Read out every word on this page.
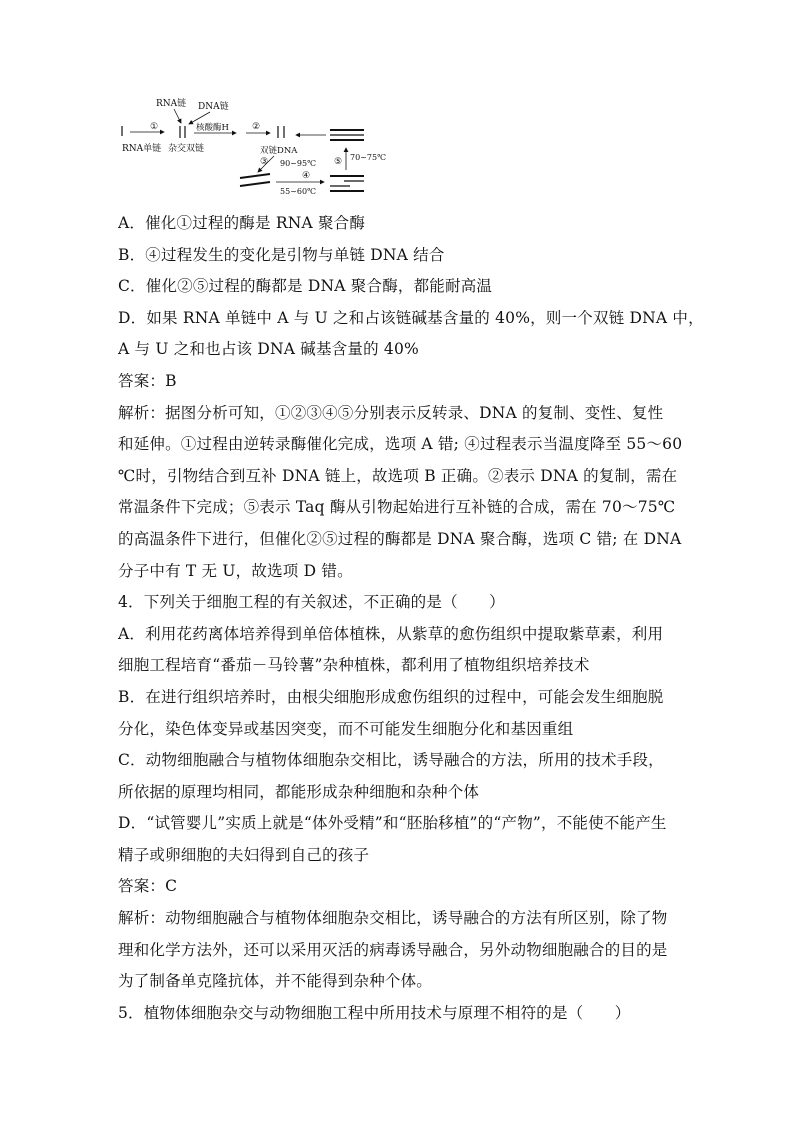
RNA链 DNA链
①
RNA单链 杂交双链
核酸酶H	②
双链DNA
③ 90~95℃
④
55~60℃
⑤ 70~75℃
A．催化①过程的酶是 RNA 聚合酶
B．④过程发生的变化是引物与单链 DNA 结合
C．催化②⑤过程的酶都是 DNA 聚合酶，都能耐高温
D．如果 RNA 单链中 A 与 U 之和占该链碱基含量的 40%，则一个双链 DNA 中，
A 与 U 之和也占该 DNA 碱基含量的 40%
答案：B
解析：据图分析可知，①②③④⑤分别表示反转录、DNA 的复制、变性、复性
和延伸。①过程由逆转录酶催化完成，选项 A 错; ④过程表示当温度降至 55～60
℃时，引物结合到互补 DNA 链上，故选项 B 正确。②表示 DNA 的复制，需在
常温条件下完成；⑤表示 Taq 酶从引物起始进行互补链的合成，需在 70～75℃
的高温条件下进行，但催化②⑤过程的酶都是 DNA 聚合酶，选项 C 错; 在 DNA
分子中有 T 无 U，故选项 D 错。
4．下列关于细胞工程的有关叙述，不正确的是（　　）
A．利用花药离体培养得到单倍体植株，从紫草的愈伤组织中提取紫草素，利用
细胞工程培育“番茄－马铃薯”杂种植株，都利用了植物组织培养技术
B．在进行组织培养时，由根尖细胞形成愈伤组织的过程中，可能会发生细胞脱
分化，染色体变异或基因突变，而不可能发生细胞分化和基因重组
C．动物细胞融合与植物体细胞杂交相比，诱导融合的方法，所用的技术手段，
所依据的原理均相同，都能形成杂种细胞和杂种个体
D．“试管婴儿”实质上就是“体外受精”和“胚胎移植”的“产物”，不能使不能产生
精子或卵细胞的夫妇得到自己的孩子
答案：C
解析：动物细胞融合与植物体细胞杂交相比，诱导融合的方法有所区别，除了物
理和化学方法外，还可以采用灭活的病毒诱导融合，另外动物细胞融合的目的是
为了制备单克隆抗体，并不能得到杂种个体。
5．植物体细胞杂交与动物细胞工程中所用技术与原理不相符的是（　　）
